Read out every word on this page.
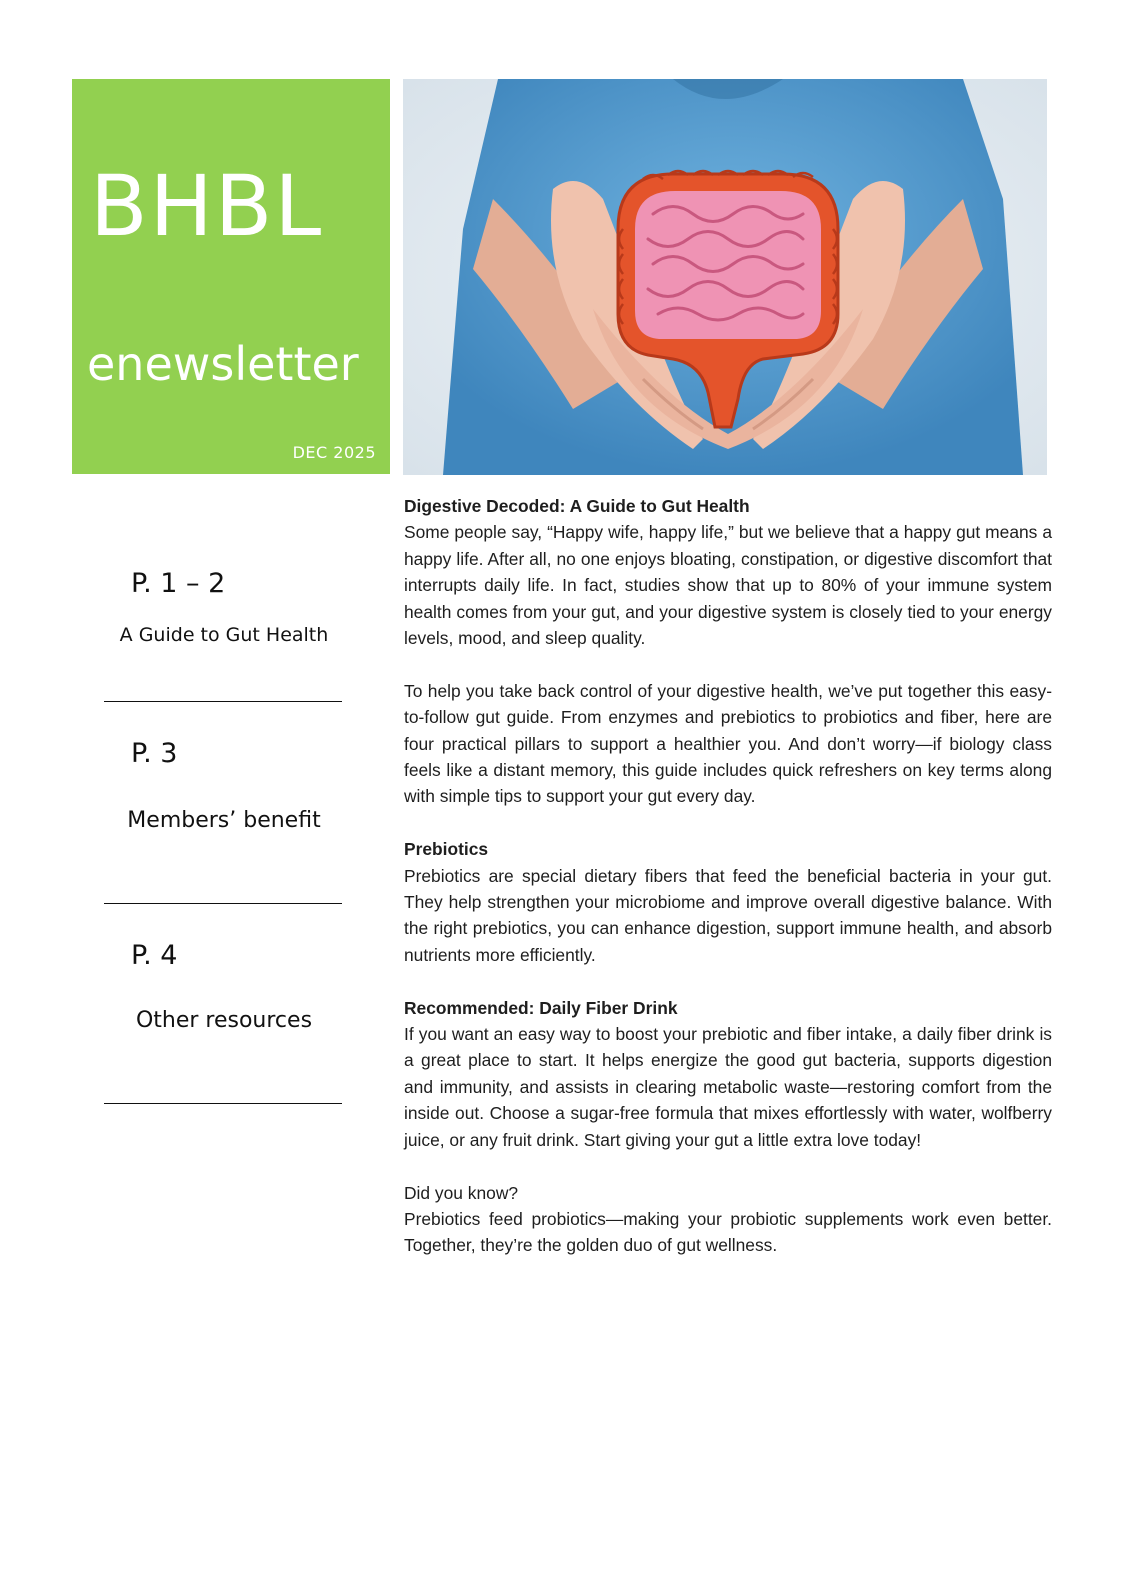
BHBL
enewsletter
DEC 2025
P. 1 – 2
A Guide to Gut Health
P. 3
Members’ benefit
P. 4
Other resources

Digestive Decoded: A Guide to Gut Health

Some people say, “Happy wife, happy life,” but we believe that a happy gut means a happy life. After all, no one enjoys bloating, constipation, or digestive discomfort that interrupts daily life. In fact, studies show that up to 80% of your immune system health comes from your gut, and your digestive system is closely tied to your energy levels, mood, and sleep quality.

To help you take back control of your digestive health, we’ve put together this easy-to-follow gut guide. From enzymes and prebiotics to probiotics and fiber, here are four practical pillars to support a healthier you. And don’t worry—if biology class feels like a distant memory, this guide includes quick refreshers on key terms along with simple tips to support your gut every day.

Prebiotics

Prebiotics are special dietary fibers that feed the beneficial bacteria in your gut. They help strengthen your microbiome and improve overall digestive balance. With the right prebiotics, you can enhance digestion, support immune health, and absorb nutrients more efficiently.

Recommended: Daily Fiber Drink

If you want an easy way to boost your prebiotic and fiber intake, a daily fiber drink is a great place to start. It helps energize the good gut bacteria, supports digestion and immunity, and assists in clearing metabolic waste—restoring comfort from the inside out. Choose a sugar-free formula that mixes effortlessly with water, wolfberry juice, or any fruit drink. Start giving your gut a little extra love today!

Did you know?

Prebiotics feed probiotics—making your probiotic supplements work even better. Together, they’re the golden duo of gut wellness.
